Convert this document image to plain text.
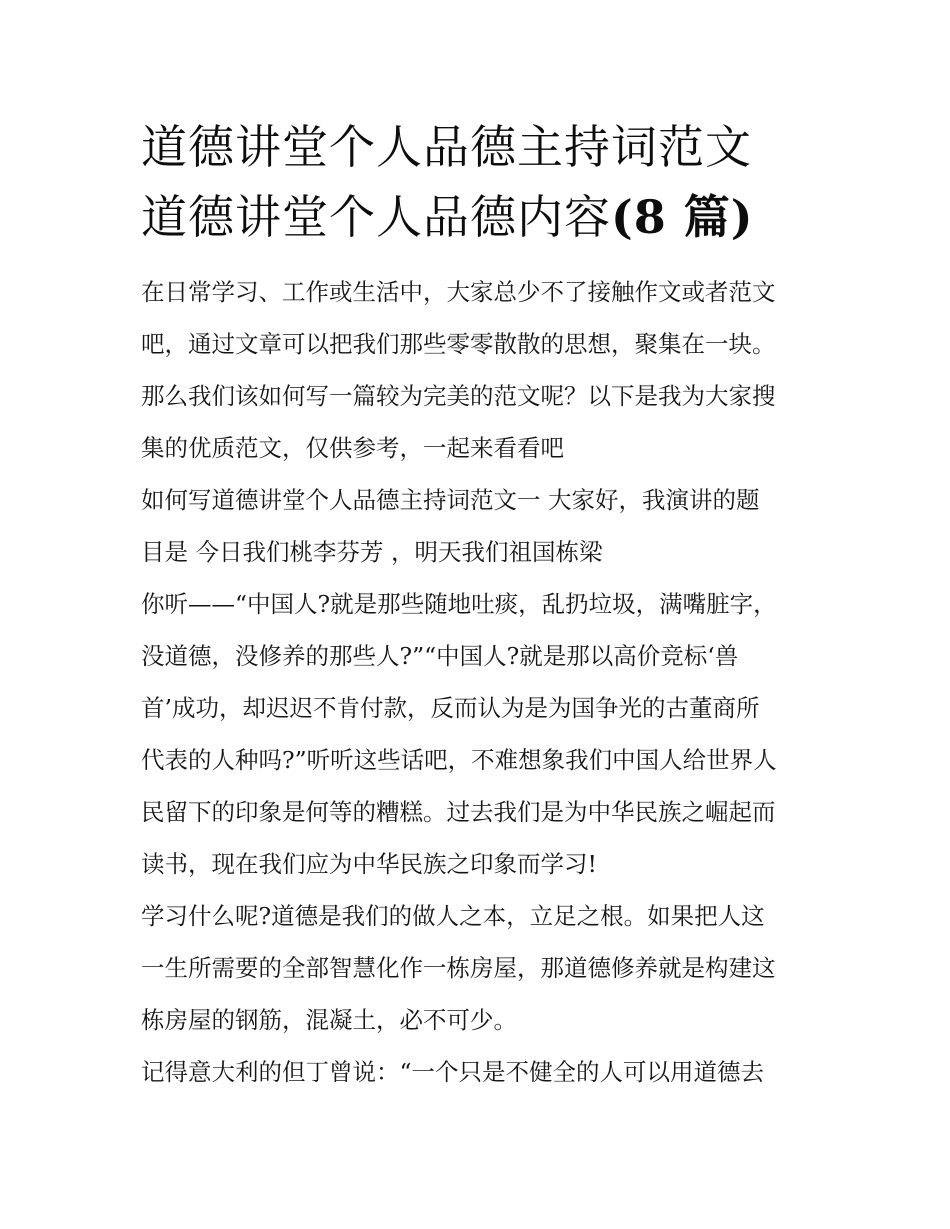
道德讲堂个人品德主持词范文
道德讲堂个人品德内容(8 篇)

在日常学习、工作或生活中，大家总少不了接触作文或者范文
吧，通过文章可以把我们那些零零散散的思想，聚集在一块。
那么我们该如何写一篇较为完美的范文呢？以下是我为大家搜
集的优质范文，仅供参考，一起来看看吧

如何写道德讲堂个人品德主持词范文一 大家好，我演讲的题
目是 今日我们桃李芬芳 ，明天我们祖国栋梁

你听——“中国人?就是那些随地吐痰，乱扔垃圾，满嘴脏字，
没道德，没修养的那些人?”“中国人?就是那以高价竞标‘兽
首’成功，却迟迟不肯付款，反而认为是为国争光的古董商所
代表的人种吗?”听听这些话吧，不难想象我们中国人给世界人
民留下的印象是何等的糟糕。过去我们是为中华民族之崛起而
读书，现在我们应为中华民族之印象而学习!

学习什么呢?道德是我们的做人之本，立足之根。如果把人这
一生所需要的全部智慧化作一栋房屋，那道德修养就是构建这
栋房屋的钢筋，混凝土，必不可少。

记得意大利的但丁曾说：“一个只是不健全的人可以用道德去
